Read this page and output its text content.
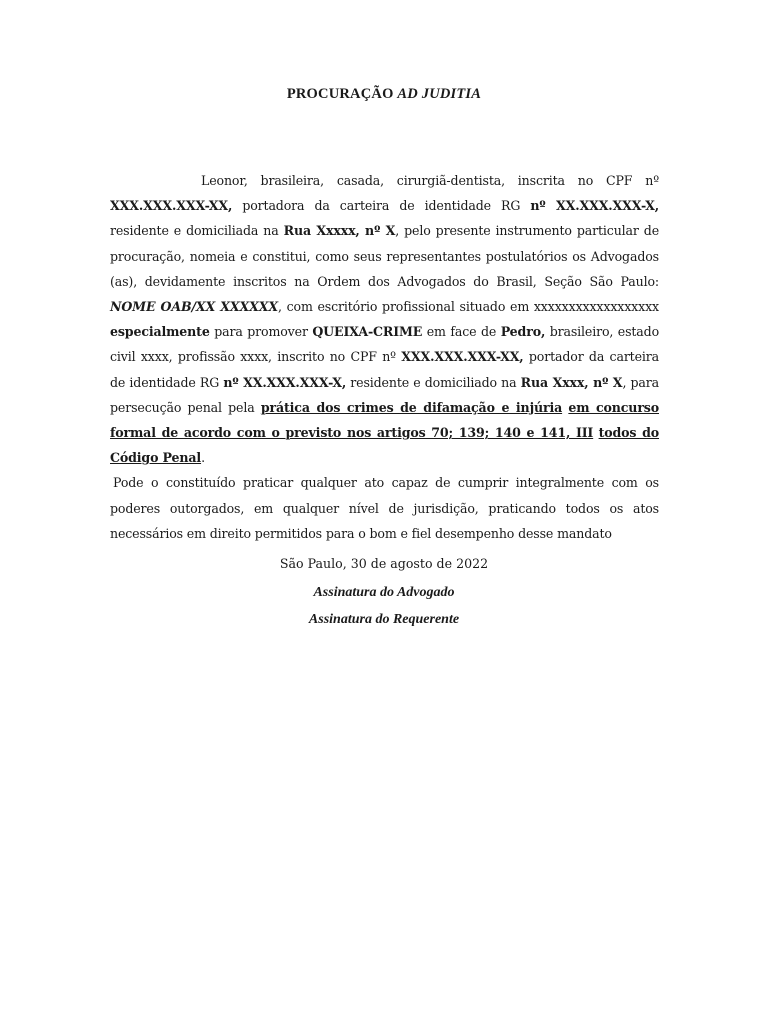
PROCURAÇÃO AD JUDITIA

Leonor, brasileira, casada, cirurgiã-dentista, inscrita no CPF nº XXX.XXX.XXX-XX, portadora da carteira de identidade RG nº XX.XXX.XXX-X, residente e domiciliada na Rua Xxxxx, nº X, pelo presente instrumento particular de procuração, nomeia e constitui, como seus representantes postulatórios os Advogados (as), devidamente inscritos na Ordem dos Advogados do Brasil, Seção São Paulo: NOME OAB/XX XXXXXX, com escritório profissional situado em xxxxxxxxxxxxxxxxxx especialmente para promover QUEIXA-CRIME em face de Pedro, brasileiro, estado civil xxxx, profissão xxxx, inscrito no CPF nº XXX.XXX.XXX-XX, portador da carteira de identidade RG nº XX.XXX.XXX-X, residente e domiciliado na Rua Xxxx, nº X, para persecução penal pela prática dos crimes de difamação e injúria em concurso formal de acordo com o previsto nos artigos 70; 139; 140 e 141, III todos do Código Penal.

Pode o constituído praticar qualquer ato capaz de cumprir integralmente com os poderes outorgados, em qualquer nível de jurisdição, praticando todos os atos necessários em direito permitidos para o bom e fiel desempenho desse mandato

São Paulo, 30 de agosto de 2022
Assinatura do Advogado
Assinatura do Requerente
